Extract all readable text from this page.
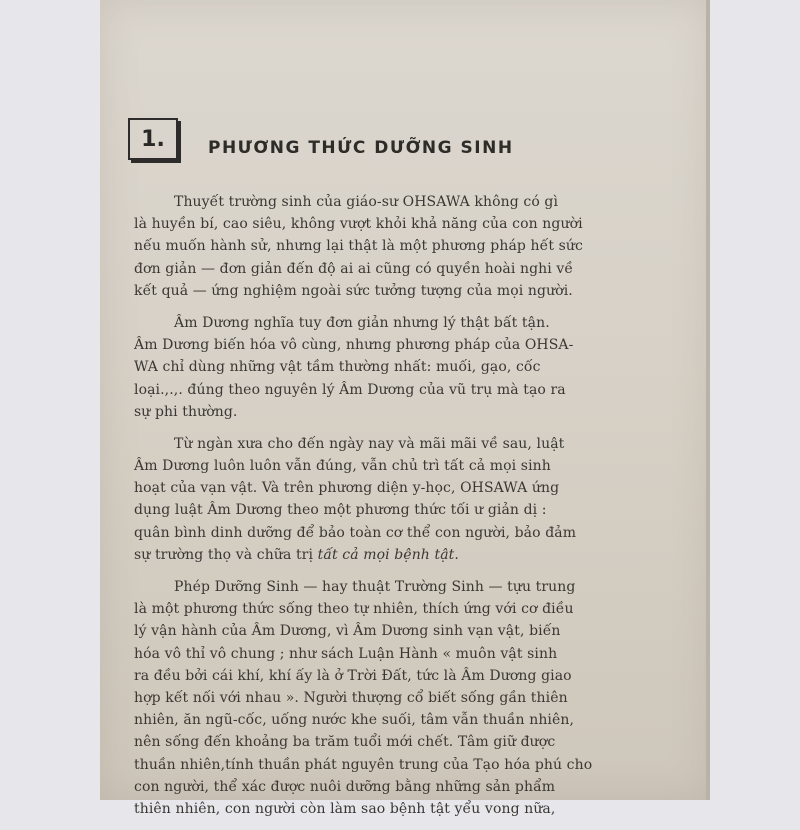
1.	PHƯƠNG THỨC DƯỠNG SINH
Thuyết trường sinh của giáo-sư OHSAWA không có gì
là huyền bí, cao siêu, không vượt khỏi khả năng của con người
nếu muốn hành sử, nhưng lại thật là một phương pháp hết sức
đơn giản — đơn giản đến độ ai ai cũng có quyền hoài nghi về
kết quả — ứng nghiệm ngoài sức tưởng tượng của mọi người.
Âm Dương nghĩa tuy đơn giản nhưng lý thật bất tận.
Âm Dương biến hóa vô cùng, nhưng phương pháp của OHSA-
WA chỉ dùng những vật tầm thường nhất: muối, gạo, cốc
loại.,.,. đúng theo nguyên lý Âm Dương của vũ trụ mà tạo ra
sự phi thường.
Từ ngàn xưa cho đến ngày nay và mãi mãi về sau, luật
Âm Dương luôn luôn vẫn đúng, vẫn chủ trì tất cả mọi sinh
hoạt của vạn vật. Và trên phương diện y-học, OHSAWA ứng
dụng luật Âm Dương theo một phương thức tối ư giản dị :
quân bình dinh dưỡng để bảo toàn cơ thể con người, bảo đảm
sự trường thọ và chữa trị tất cả mọi bệnh tật.
Phép Dưỡng Sinh — hay thuật Trường Sinh — tựu trung
là một phương thức sống theo tự nhiên, thích ứng với cơ điều
lý vận hành của Âm Dương, vì Âm Dương sinh vạn vật, biến
hóa vô thỉ vô chung ; như sách Luận Hành « muôn vật sinh
ra đều bởi cái khí, khí ấy là ở Trời Đất, tức là Âm Dương giao
hợp kết nối với nhau ». Người thượng cổ biết sống gần thiên
nhiên, ăn ngũ-cốc, uống nước khe suối, tâm vẫn thuần nhiên,
nên sống đến khoảng ba trăm tuổi mới chết. Tâm giữ được
thuần nhiên,tính thuần phát nguyên trung của Tạo hóa phú cho
con người, thể xác được nuôi dưỡng bằng những sản phẩm
thiên nhiên, con người còn làm sao bệnh tật yểu vong nữa,
